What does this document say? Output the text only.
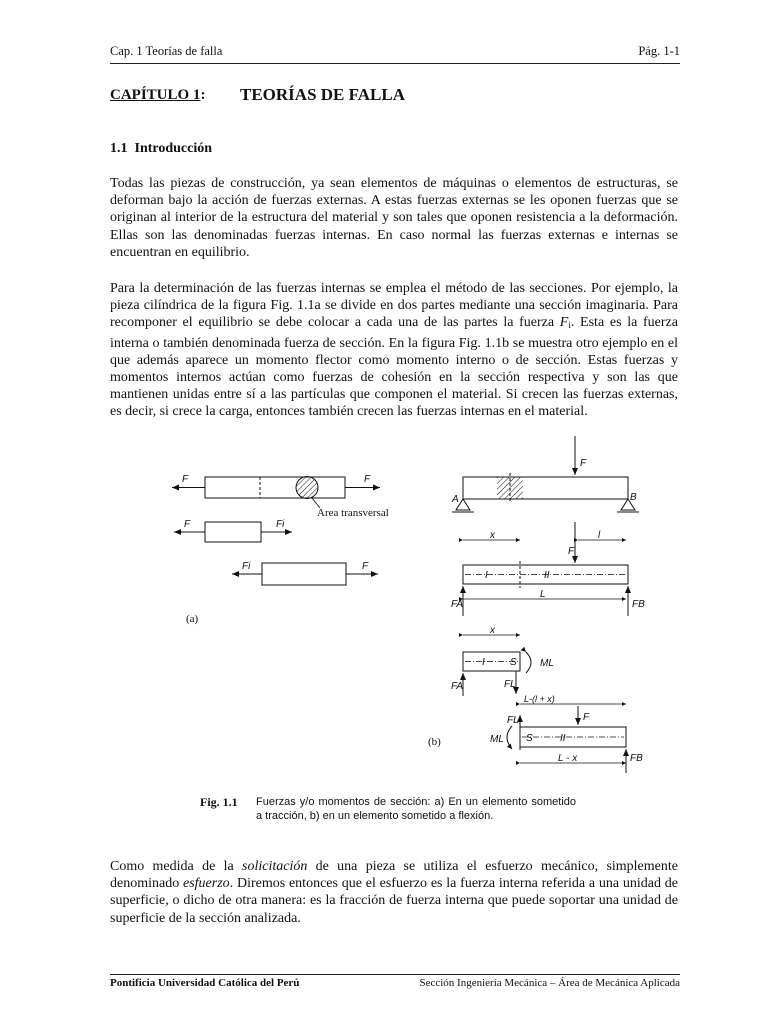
Cap. 1 Teorías de falla	Pág. 1-1
CAPÍTULO 1: TEORÍAS DE FALLA
1.1 Introducción

Todas las piezas de construcción, ya sean elementos de máquinas o elementos de estructuras, se deforman bajo la acción de fuerzas externas. A estas fuerzas externas se les oponen fuerzas que se originan al interior de la estructura del material y son tales que oponen resistencia a la deformación. Ellas son las denominadas fuerzas internas. En caso normal las fuerzas externas e internas se encuentran en equilibrio.

Para la determinación de las fuerzas internas se emplea el método de las secciones. Por ejemplo, la pieza cilíndrica de la figura Fig. 1.1a se divide en dos partes mediante una sección imaginaria. Para recomponer el equilibrio se debe colocar a cada una de las partes la fuerza $F_i$. Esta es la fuerza interna o también denominada fuerza de sección. En la figura Fig. 1.1b se muestra otro ejemplo en el que además aparece un momento flector como momento interno o de sección. Estas fuerzas y momentos internos actúan como fuerzas de cohesión en la sección respectiva y son las que mantienen unidas entre sí a las partículas que componen el material. Si crecen las fuerzas externas, es decir, si crece la carga, entonces también crecen las fuerzas internas en el material.

F	F
Area transversal
F	Fi
Fi	F
(a)
F
A	B
x	l
F
I	II
FA	FB
L
x
I	S ML
FA	FL
L-(l + x)
F
S	II
ML
FL
FB
L - x
(b)
Fig. 1.1 Fuerzas y/o momentos de sección: a) En un elemento sometido a tracción, b) en un elemento sometido a flexión.

Como medida de la solicitación de una pieza se utiliza el esfuerzo mecánico, simplemente denominado esfuerzo. Diremos entonces que el esfuerzo es la fuerza interna referida a una unidad de superficie, o dicho de otra manera: es la fracción de fuerza interna que puede soportar una unidad de superficie de la sección analizada.

Pontificia Universidad Católica del Perú	Sección Ingeniería Mecánica – Área de Mecánica Aplicada
